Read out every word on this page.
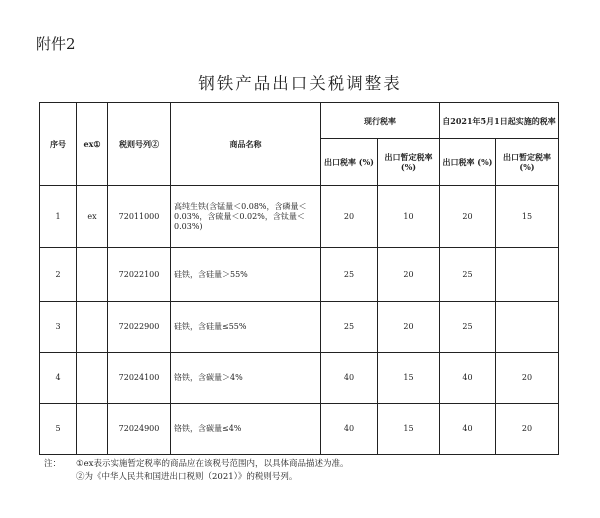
附件2
钢铁产品出口关税调整表
序号	ex①	税则号列②	商品名称	现行税率		自2021年5月1日起实施的税率	
				出口税率 (%)	出口暂定税率 (%)	出口税率 (%)	出口暂定税率 (%)
1	ex	72011000	高纯生铁(含锰量＜0.08%，含磷量＜0.03%，含硫量＜0.02%，含钛量＜0.03%)	20	10	20	15
2		72022100	硅铁，含硅量＞55%	25	20	25	
3		72022900	硅铁，含硅量≤55%	25	20	25	
4		72024100	铬铁，含碳量＞4%	40	15	40	20
5		72024900	铬铁，含碳量≤4%	40	15	40	20
注：	①ex表示实施暂定税率的商品应在该税号范围内，以具体商品描述为准。
②为《中华人民共和国进出口税则（2021）》的税则号列。
